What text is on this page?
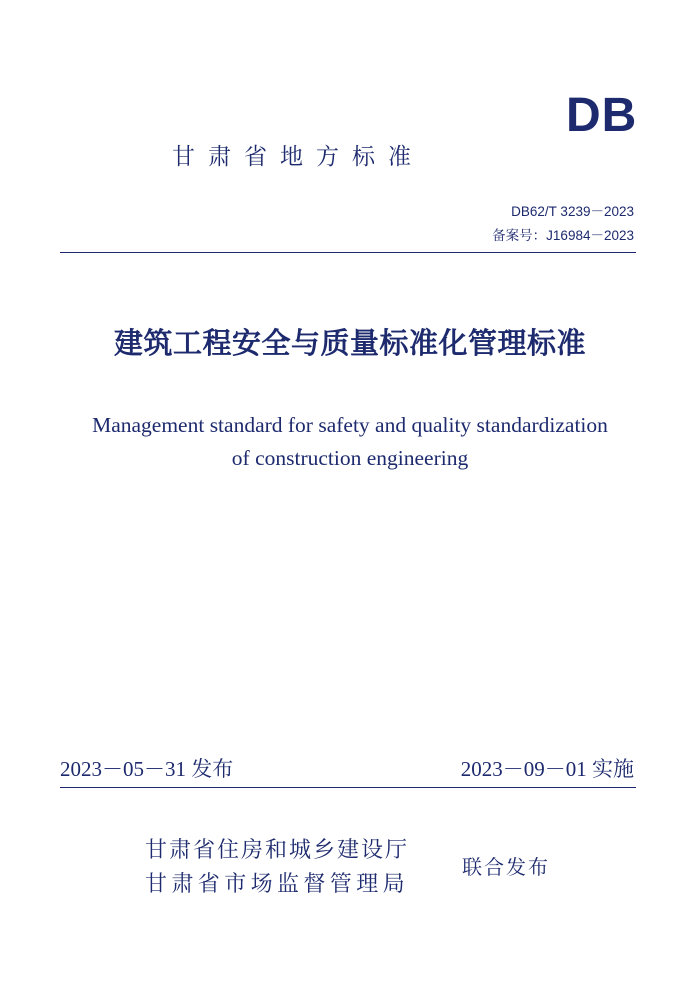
DB
甘肃省地方标准
DB62/T 3239－2023
备案号：J16984－2023
建筑工程安全与质量标准化管理标准
Management standard for safety and quality standardization
of construction engineering
2023－05－31 发布	2023－09－01 实施
甘肃省住房和城乡建设厅
甘肃省市场监督管理局
联合发布
